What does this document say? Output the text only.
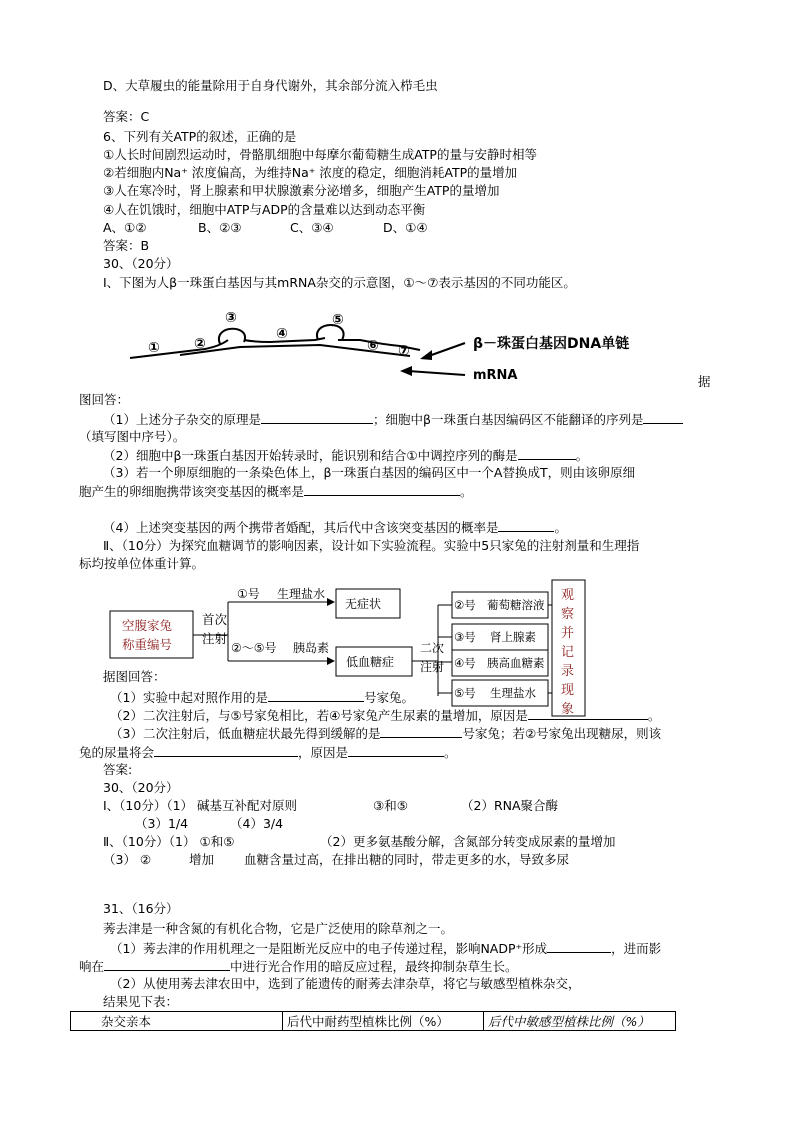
D、大草履虫的能量除用于自身代谢外，其余部分流入栉毛虫
答案：C
6、下列有关ATP的叙述，正确的是
①人长时间剧烈运动时，骨骼肌细胞中每摩尔葡萄糖生成ATP的量与安静时相等
②若细胞内Na⁺ 浓度偏高，为维持Na⁺ 浓度的稳定，细胞消耗ATP的量增加
③人在寒冷时，肾上腺素和甲状腺激素分泌增多，细胞产生ATP的量增加
④人在饥饿时，细胞中ATP与ADP的含量难以达到动态平衡
A、①②	B、②③	C、③④	D、①④
答案：B
30、（20分）
Ⅰ、下图为人β一珠蛋白基因与其mRNA杂交的示意图，①～⑦表示基因的不同功能区。
① ②
③
④
⑤
⑥ ⑦	β－珠蛋白基因DNA单链
mRNA	据
图回答：
（1）上述分子杂交的原理是	；细胞中β一珠蛋白基因编码区不能翻译的序列是
（填写图中序号）。
（2）细胞中β一珠蛋白基因开始转录时，能识别和结合①中调控序列的酶是	。
（3）若一个卵原细胞的一条染色体上，β一珠蛋白基因的编码区中一个A替换成T，则由该卵原细
胞产生的卵细胞携带该突变基因的概率是	。
（4）上述突变基因的两个携带者婚配，其后代中含该突变基因的概率是	。
Ⅱ、（10分）为探究血糖调节的影响因素，设计如下实验流程。实验中5只家兔的注射剂量和生理指
标均按单位体重计算。
空腹家兔
称重编号
首次
注射
①号 生理盐水
②～⑤号 胰岛素
无症状
低血糖症
二次
注射
②号 葡萄糖溶液
③号 肾上腺素
④号 胰高血糖素
⑤号 生理盐水
观
察
并
记
录
现
象
据图回答：
（1）实验中起对照作用的是	号家兔。
（2）二次注射后，与⑤号家兔相比，若④号家兔产生尿素的量增加，原因是	。
（3）二次注射后，低血糖症状最先得到缓解的是	号家兔；若②号家兔出现糖尿，则该
兔的尿量将会	，原因是	。
答案:
30、（20分）
Ⅰ、（10分）（1） 碱基互补配对原则	③和⑤	（2）RNA聚合酶
（3）1/4	（4）3/4
Ⅱ、（10分）（1） ①和⑤	（2）更多氨基酸分解，含氮部分转变成尿素的量增加
（3） ②	增加 血糖含量过高，在排出糖的同时，带走更多的水，导致多尿
31、（16分）
莠去津是一种含氮的有机化合物，它是广泛使用的除草剂之一。
（1）莠去津的作用机理之一是阻断光反应中的电子传递过程，影响NADP⁺形成	，进而影
响在	中进行光合作用的暗反应过程，最终抑制杂草生长。
（2）从使用莠去津农田中，选到了能遗传的耐莠去津杂草，将它与敏感型植株杂交，
结果见下表：
杂交亲本	后代中耐药型植株比例（%）	后代中敏感型植株比例（%）
